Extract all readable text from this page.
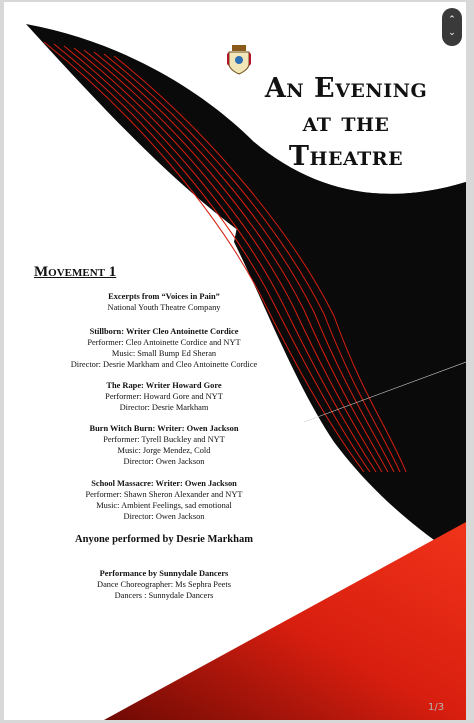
An Evening
at the
Theatre
Movement 1
Excerpts from “Voices in Pain”
National Youth Theatre Company
Stillborn: Writer Cleo Antoinette Cordice
Performer: Cleo Antoinette Cordice and NYT
Music: Small Bump Ed Sheran
Director: Desrie Markham and Cleo Antoinette Cordice
The Rape: Writer Howard Gore
Performer: Howard Gore and NYT
Director: Desrie Markham
Burn Witch Burn: Writer: Owen Jackson
Performer: Tyrell Buckley and NYT
Music: Jorge Mendez, Cold
Director: Owen Jackson
School Massacre: Writer: Owen Jackson
Performer: Shawn Sheron Alexander and NYT
Music: Ambient Feelings, sad emotional
Director: Owen Jackson
Anyone performed by Desrie Markham
Performance by Sunnydale Dancers
Dance Choreographer: Ms Sephra Peets
Dancers : Sunnydale Dancers
⌃
⌄
1/3
